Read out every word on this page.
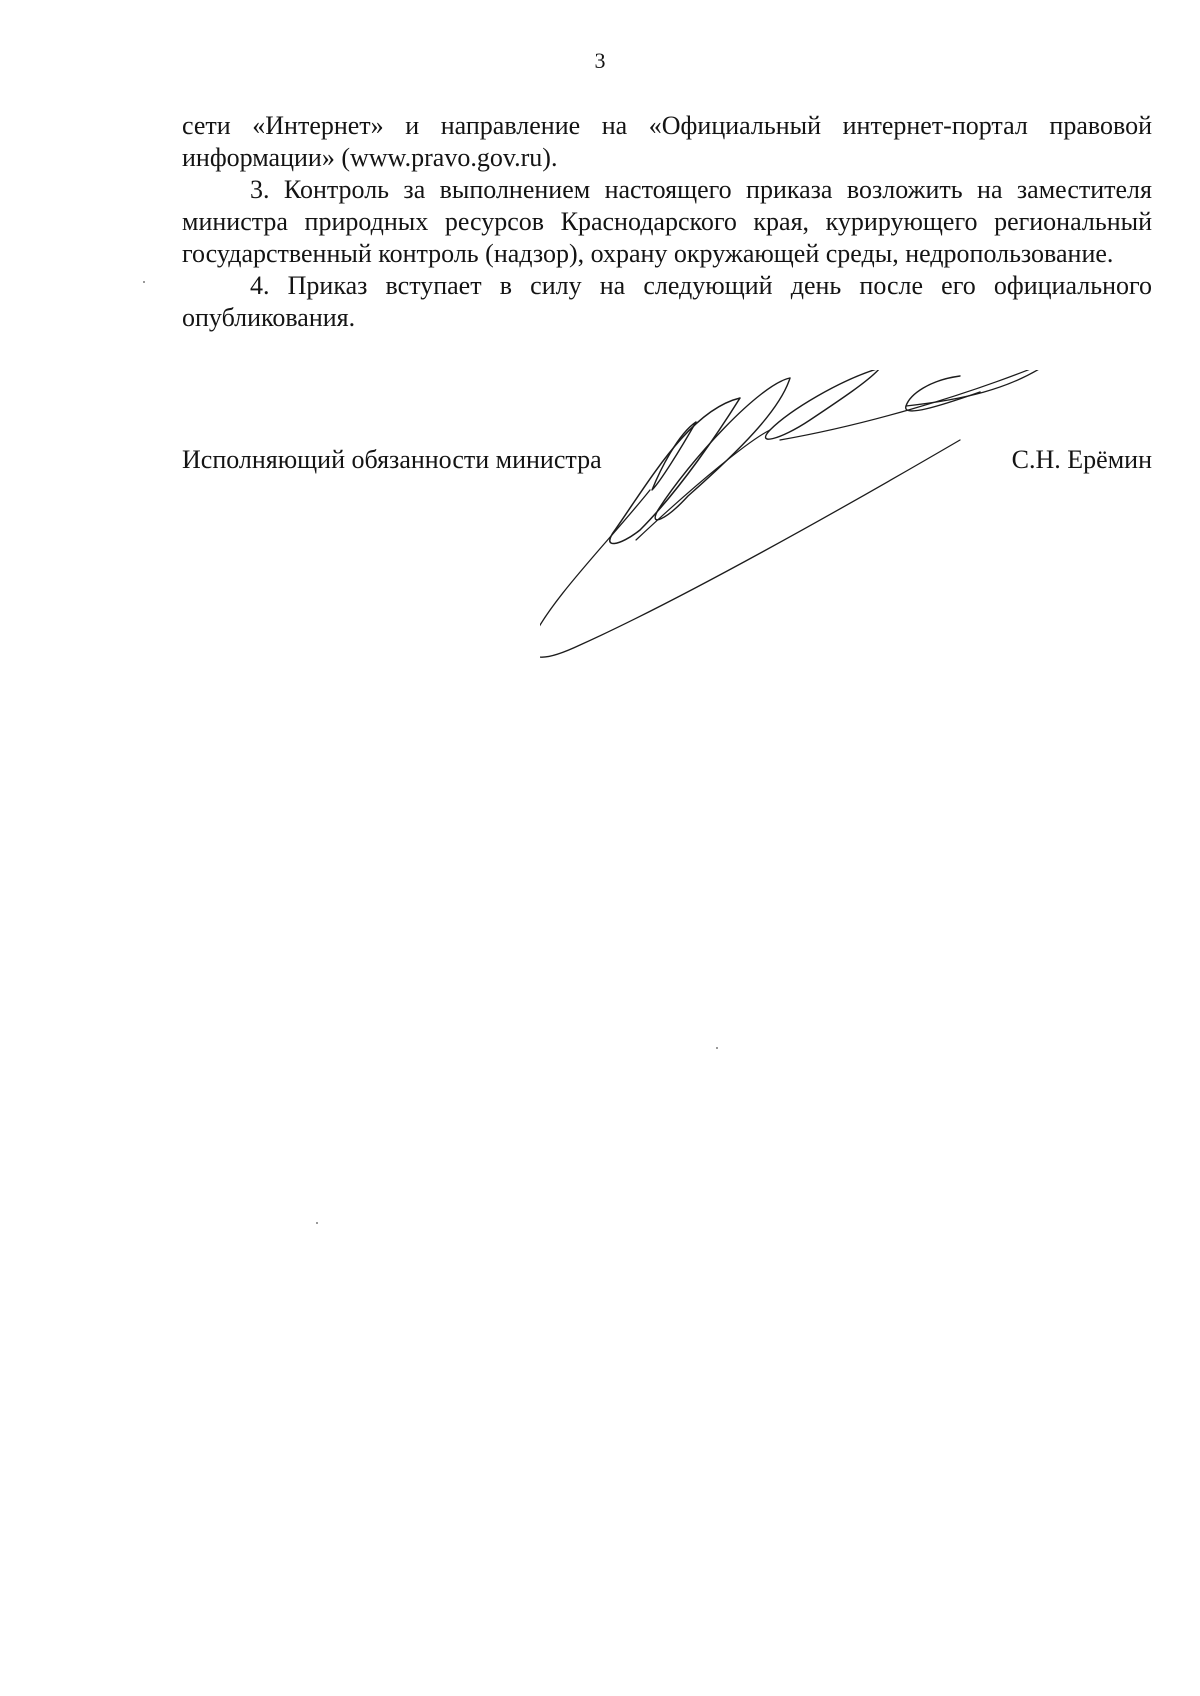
3

сети «Интернет» и направление на «Официальный интернет-портал правовой информации» (www.pravo.gov.ru).

3. Контроль за выполнением настоящего приказа возложить на заместителя министра природных ресурсов Краснодарского края, курирующего региональный государственный контроль (надзор), охрану окружающей среды, недропользование.

4. Приказ вступает в силу на следующий день после его официального опубликования.

Исполняющий обязанности министра	С.Н. Ерёмин
